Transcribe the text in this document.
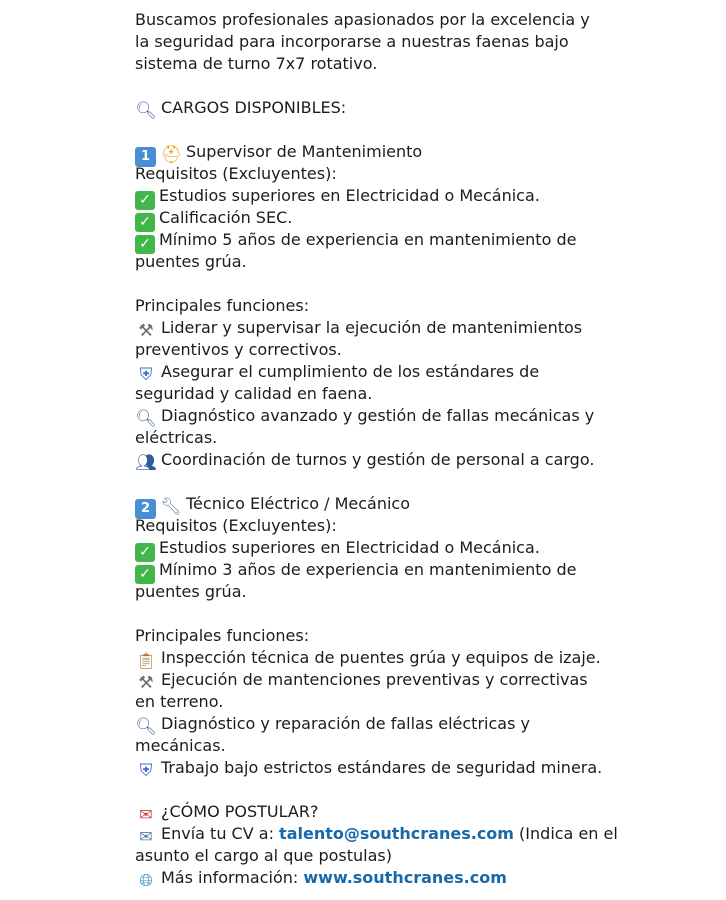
Buscamos profesionales apasionados por la excelencia y
la seguridad para incorporarse a nuestras faenas bajo
sistema de turno 7x7 rotativo.
🔍︎ CARGOS DISPONIBLES:
1 ⛑︎ Supervisor de Mantenimiento
Requisitos (Excluyentes):
✓ Estudios superiores en Electricidad o Mecánica.
✓ Calificación SEC.
✓ Mínimo 5 años de experiencia en mantenimiento de
puentes grúa.
Principales funciones:
⚒︎ Liderar y supervisar la ejecución de mantenimientos
preventivos y correctivos.
⛨︎ Asegurar el cumplimiento de los estándares de
seguridad y calidad en faena.
🔍︎ Diagnóstico avanzado y gestión de fallas mecánicas y
eléctricas.
👥︎ Coordinación de turnos y gestión de personal a cargo.
2 🔧︎ Técnico Eléctrico / Mecánico
Requisitos (Excluyentes):
✓ Estudios superiores en Electricidad o Mecánica.
✓ Mínimo 3 años de experiencia en mantenimiento de
puentes grúa.
Principales funciones:
📋︎ Inspección técnica de puentes grúa y equipos de izaje.
⚒︎ Ejecución de mantenciones preventivas y correctivas
en terreno.
🔍︎ Diagnóstico y reparación de fallas eléctricas y
mecánicas.
⛨︎ Trabajo bajo estrictos estándares de seguridad minera.
✉︎ ¿CÓMO POSTULAR?
✉︎ Envía tu CV a: talento@southcranes.com (Indica en el
asunto el cargo al que postulas)
🌐︎ Más información: www.southcranes.com
